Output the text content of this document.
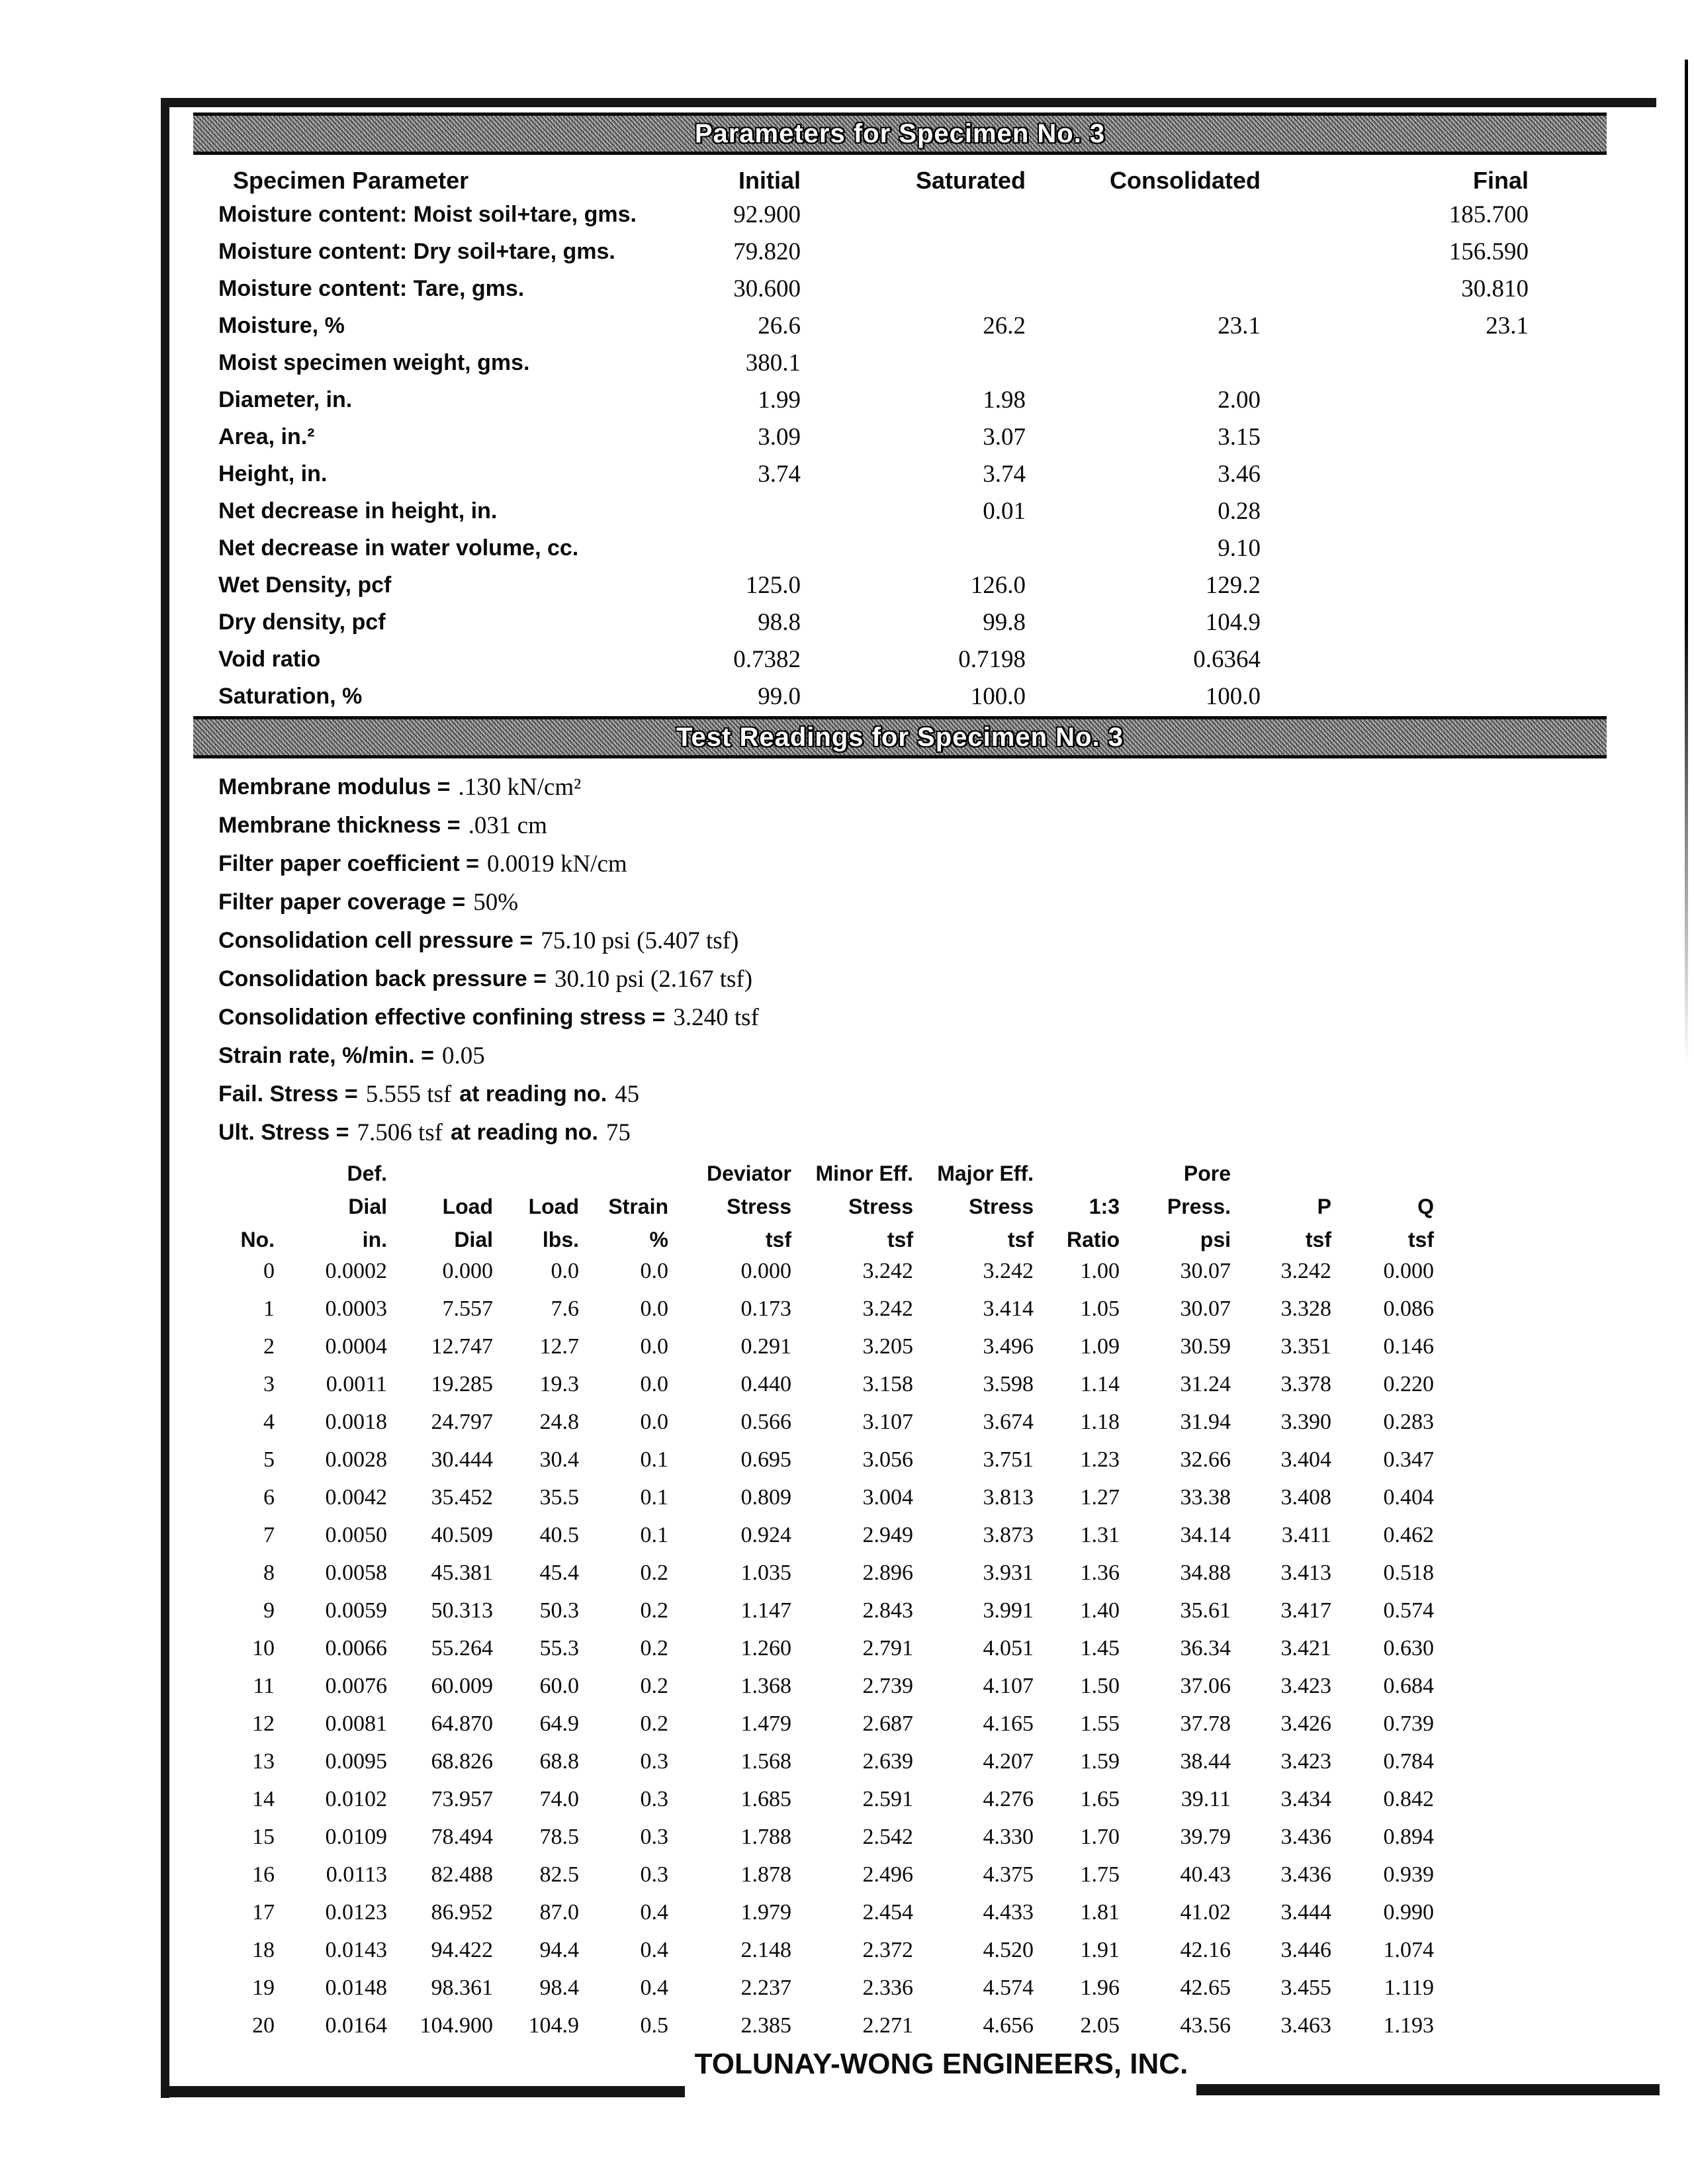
Parameters for Specimen No. 3
Specimen Parameter	Initial	Saturated	Consolidated	Final
Moisture content: Moist soil+tare, gms.	92.900			185.700
Moisture content: Dry soil+tare, gms.	79.820			156.590
Moisture content: Tare, gms.	30.600			30.810
Moisture, %	26.6	26.2	23.1	23.1
Moist specimen weight, gms.	380.1			
Diameter, in.	1.99	1.98	2.00	
Area, in.²	3.09	3.07	3.15	
Height, in.	3.74	3.74	3.46	
Net decrease in height, in.		0.01	0.28	
Net decrease in water volume, cc.			9.10	
Wet Density, pcf	125.0	126.0	129.2	
Dry density, pcf	98.8	99.8	104.9	
Void ratio	0.7382	0.7198	0.6364	
Saturation, %	99.0	100.0	100.0	
Test Readings for Specimen No. 3
Membrane modulus = .130 kN/cm²
Membrane thickness = .031 cm
Filter paper coefficient = 0.0019 kN/cm
Filter paper coverage = 50%
Consolidation cell pressure = 75.10 psi (5.407 tsf)
Consolidation back pressure = 30.10 psi (2.167 tsf)
Consolidation effective confining stress = 3.240 tsf
Strain rate, %/min. = 0.05
Fail. Stress = 5.555 tsf at reading no. 45
Ult. Stress = 7.506 tsf at reading no. 75
	Def.				Deviator	Minor Eff.	Major Eff.		Pore		
	Dial	Load	Load	Strain	Stress	Stress	Stress	1:3	Press.	P	Q
No.	in.	Dial	lbs.	%	tsf	tsf	tsf	Ratio	psi	tsf	tsf
0	0.0002	0.000	0.0	0.0	0.000	3.242	3.242	1.00	30.07	3.242	0.000
1	0.0003	7.557	7.6	0.0	0.173	3.242	3.414	1.05	30.07	3.328	0.086
2	0.0004	12.747	12.7	0.0	0.291	3.205	3.496	1.09	30.59	3.351	0.146
3	0.0011	19.285	19.3	0.0	0.440	3.158	3.598	1.14	31.24	3.378	0.220
4	0.0018	24.797	24.8	0.0	0.566	3.107	3.674	1.18	31.94	3.390	0.283
5	0.0028	30.444	30.4	0.1	0.695	3.056	3.751	1.23	32.66	3.404	0.347
6	0.0042	35.452	35.5	0.1	0.809	3.004	3.813	1.27	33.38	3.408	0.404
7	0.0050	40.509	40.5	0.1	0.924	2.949	3.873	1.31	34.14	3.411	0.462
8	0.0058	45.381	45.4	0.2	1.035	2.896	3.931	1.36	34.88	3.413	0.518
9	0.0059	50.313	50.3	0.2	1.147	2.843	3.991	1.40	35.61	3.417	0.574
10	0.0066	55.264	55.3	0.2	1.260	2.791	4.051	1.45	36.34	3.421	0.630
11	0.0076	60.009	60.0	0.2	1.368	2.739	4.107	1.50	37.06	3.423	0.684
12	0.0081	64.870	64.9	0.2	1.479	2.687	4.165	1.55	37.78	3.426	0.739
13	0.0095	68.826	68.8	0.3	1.568	2.639	4.207	1.59	38.44	3.423	0.784
14	0.0102	73.957	74.0	0.3	1.685	2.591	4.276	1.65	39.11	3.434	0.842
15	0.0109	78.494	78.5	0.3	1.788	2.542	4.330	1.70	39.79	3.436	0.894
16	0.0113	82.488	82.5	0.3	1.878	2.496	4.375	1.75	40.43	3.436	0.939
17	0.0123	86.952	87.0	0.4	1.979	2.454	4.433	1.81	41.02	3.444	0.990
18	0.0143	94.422	94.4	0.4	2.148	2.372	4.520	1.91	42.16	3.446	1.074
19	0.0148	98.361	98.4	0.4	2.237	2.336	4.574	1.96	42.65	3.455	1.119
20	0.0164	104.900	104.9	0.5	2.385	2.271	4.656	2.05	43.56	3.463	1.193
TOLUNAY-WONG ENGINEERS, INC.
